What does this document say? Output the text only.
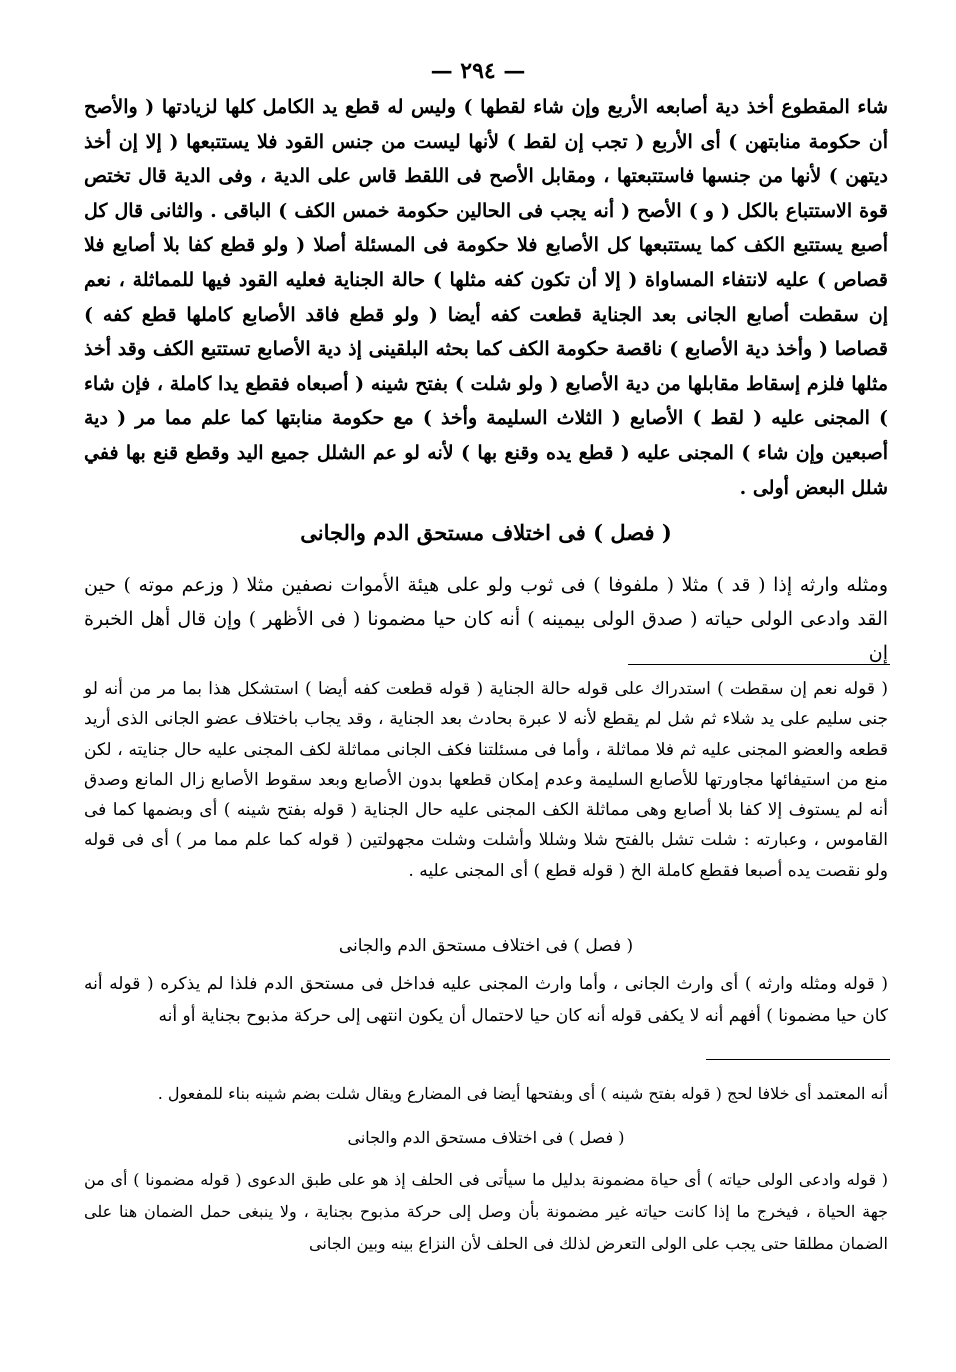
— ٢٩٤ —

شاء المقطوع أخذ دية أصابعه الأربع وإن شاء لقطها ) وليس له قطع يد الكامل كلها لزيادتها ( والأصح أن حكومة منابتهن ) أى الأربع ( تجب إن لقط ) لأنها ليست من جنس القود فلا يستتبعها ( إلا إن أخذ ديتهن ) لأنها من جنسها فاستتبعتها ، ومقابل الأصح فى اللقط قاس على الدية ، وفى الدية قال تختص قوة الاستتباع بالكل ( و ) الأصح ( أنه يجب فى الحالين حكومة خمس الكف ) الباقى . والثانى قال كل أصبع يستتبع الكف كما يستتبعها كل الأصابع فلا حكومة فى المسئلة أصلا ( ولو قطع كفا بلا أصابع فلا قصاص ) عليه لانتفاء المساواة ( إلا أن تكون كفه مثلها ) حالة الجناية فعليه القود فيها للمماثلة ، نعم إن سقطت أصابع الجانى بعد الجناية قطعت كفه أيضا ( ولو قطع فاقد الأصابع كاملها قطع كفه ) قصاصا ( وأخذ دية الأصابع ) ناقصة حكومة الكف كما بحثه البلقينى إذ دية الأصابع تستتبع الكف وقد أخذ مثلها فلزم إسقاط مقابلها من دية الأصابع ( ولو شلت ) بفتح شينه ( أصبعاه فقطع يدا كاملة ، فإن شاء ) المجنى عليه ( لقط ) الأصابع ( الثلاث السليمة وأخذ ) مع حكومة منابتها كما علم مما مر ( دية أصبعين وإن شاء ) المجنى عليه ( قطع يده وقنع بها ) لأنه لو عم الشلل جميع اليد وقطع قنع بها ففي شلل البعض أولى .

( فصل ) فى اختلاف مستحق الدم والجانى

ومثله وارثه إذا ( قد ) مثلا ( ملفوفا ) فى ثوب ولو على هيئة الأموات نصفين مثلا ( وزعم موته ) حين القد وادعى الولى حياته ( صدق الولى بيمينه ) أنه كان حيا مضمونا ( فى الأظهر ) وإن قال أهل الخبرة إن

( قوله نعم إن سقطت ) استدراك على قوله حالة الجناية ( قوله قطعت كفه أيضا ) استشكل هذا بما مر من أنه لو جنى سليم على يد شلاء ثم شل لم يقطع لأنه لا عبرة بحادث بعد الجناية ، وقد يجاب باختلاف عضو الجانى الذى أريد قطعه والعضو المجنى عليه ثم فلا مماثلة ، وأما فى مسئلتنا فكف الجانى مماثلة لكف المجنى عليه حال جنايته ، لكن منع من استيفائها مجاورتها للأصابع السليمة وعدم إمكان قطعها بدون الأصابع وبعد سقوط الأصابع زال المانع وصدق أنه لم يستوف إلا كفا بلا أصابع وهى مماثلة الكف المجنى عليه حال الجناية ( قوله بفتح شينه ) أى وبضمها كما فى القاموس ، وعبارته : شلت تشل بالفتح شلا وشللا وأشلت وشلت مجهولتين ( قوله كما علم مما مر ) أى فى قوله ولو نقصت يده أصبعا فقطع كاملة الخ ( قوله قطع ) أى المجنى عليه .

( فصل ) فى اختلاف مستحق الدم والجانى

( قوله ومثله وارثه ) أى وارث الجانى ، وأما وارث المجنى عليه فداخل فى مستحق الدم فلذا لم يذكره ( قوله أنه كان حيا مضمونا ) أفهم أنه لا يكفى قوله أنه كان حيا لاحتمال أن يكون انتهى إلى حركة مذبوح بجناية أو أنه

أنه المعتمد أى خلافا لحج ( قوله بفتح شينه ) أى وبفتحها أيضا فى المضارع ويقال شلت بضم شينه بناء للمفعول .

( فصل ) فى اختلاف مستحق الدم والجانى

( قوله وادعى الولى حياته ) أى حياة مضمونة بدليل ما سيأتى فى الحلف إذ هو على طبق الدعوى ( قوله مضمونا ) أى من جهة الحياة ، فيخرج ما إذا كانت حياته غير مضمونة بأن وصل إلى حركة مذبوح بجناية ، ولا ينبغى حمل الضمان هنا على الضمان مطلقا حتى يجب على الولى التعرض لذلك فى الحلف لأن النزاع بينه وبين الجانى
